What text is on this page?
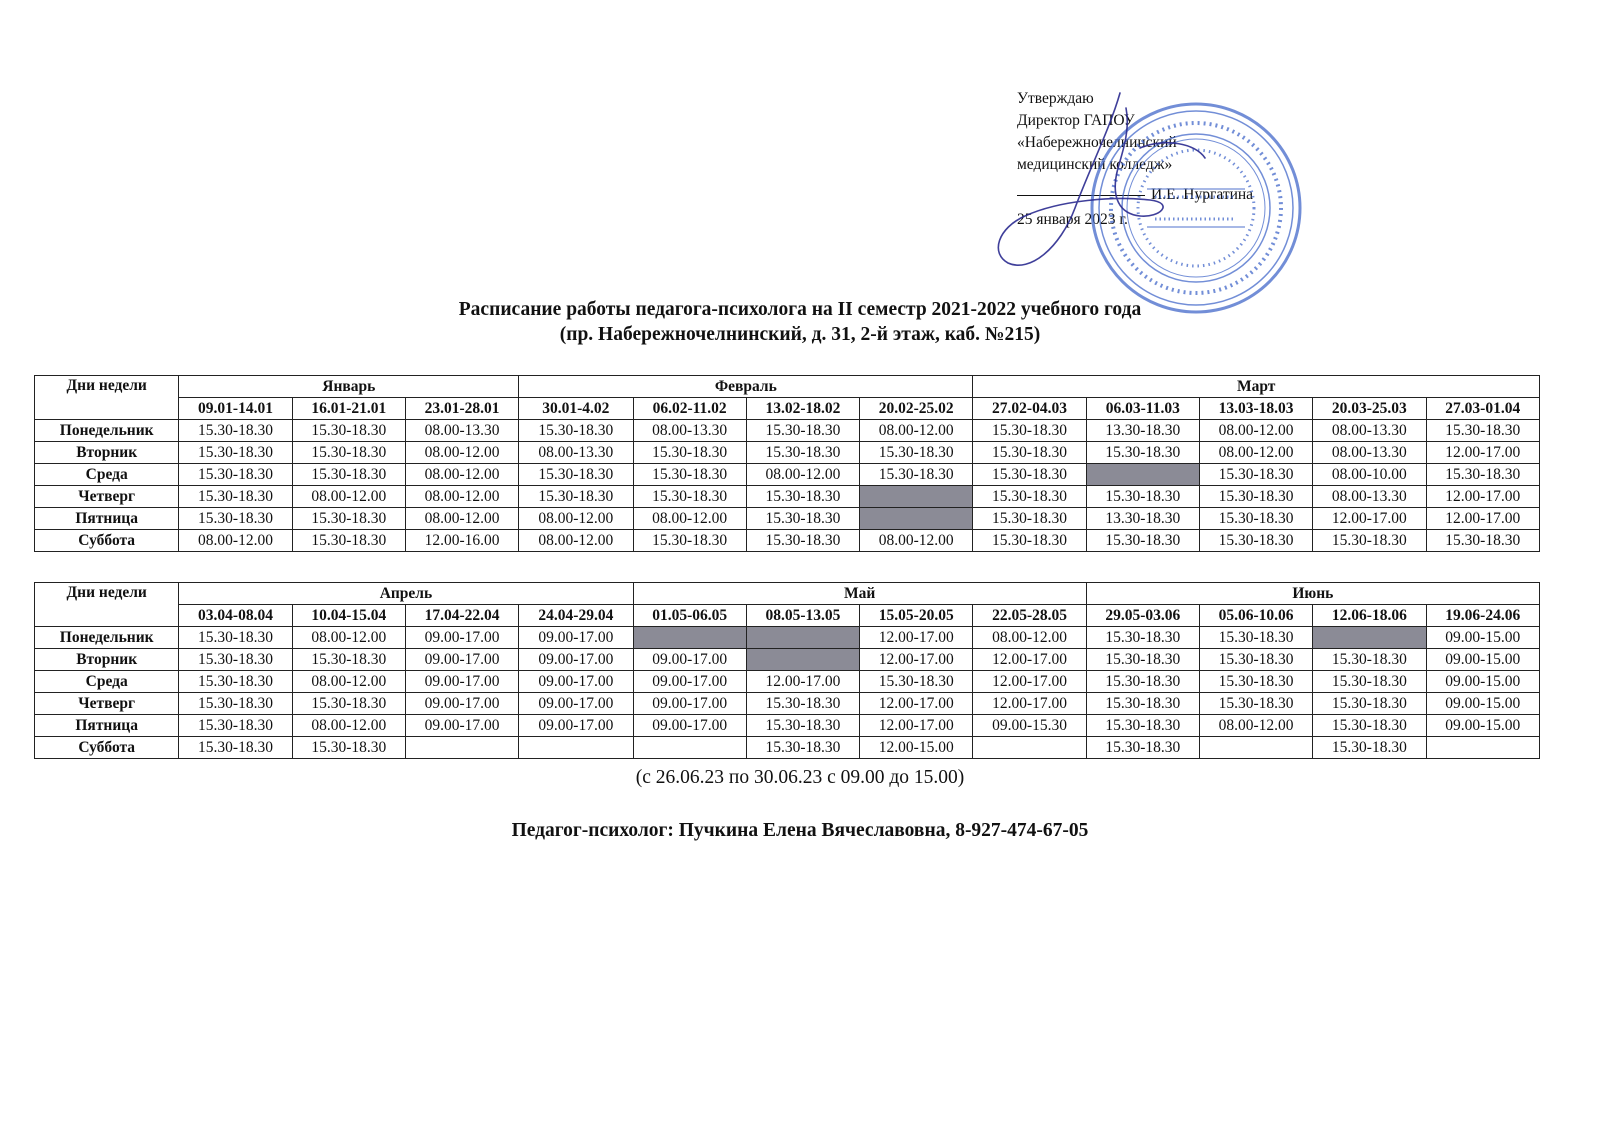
Утверждаю
Директор ГАПОУ
«Набережночелнинский
медицинский колледж»
И.Е. Нургатина
25 января 2023 г.
Расписание работы педагога-психолога на II семестр 2021-2022 учебного года
(пр. Набережночелнинский, д. 31, 2-й этаж, каб. №215)
Дни недели	Январь			Февраль				Март				
	09.01-14.01	16.01-21.01	23.01-28.01	30.01-4.02	06.02-11.02	13.02-18.02	20.02-25.02	27.02-04.03	06.03-11.03	13.03-18.03	20.03-25.03	27.03-01.04
Понедельник	15.30-18.30	15.30-18.30	08.00-13.30	15.30-18.30	08.00-13.30	15.30-18.30	08.00-12.00	15.30-18.30	13.30-18.30	08.00-12.00	08.00-13.30	15.30-18.30
Вторник	15.30-18.30	15.30-18.30	08.00-12.00	08.00-13.30	15.30-18.30	15.30-18.30	15.30-18.30	15.30-18.30	15.30-18.30	08.00-12.00	08.00-13.30	12.00-17.00
Среда	15.30-18.30	15.30-18.30	08.00-12.00	15.30-18.30	15.30-18.30	08.00-12.00	15.30-18.30	15.30-18.30		15.30-18.30	08.00-10.00	15.30-18.30
Четверг	15.30-18.30	08.00-12.00	08.00-12.00	15.30-18.30	15.30-18.30	15.30-18.30		15.30-18.30	15.30-18.30	15.30-18.30	08.00-13.30	12.00-17.00
Пятница	15.30-18.30	15.30-18.30	08.00-12.00	08.00-12.00	08.00-12.00	15.30-18.30		15.30-18.30	13.30-18.30	15.30-18.30	12.00-17.00	12.00-17.00
Суббота	08.00-12.00	15.30-18.30	12.00-16.00	08.00-12.00	15.30-18.30	15.30-18.30	08.00-12.00	15.30-18.30	15.30-18.30	15.30-18.30	15.30-18.30	15.30-18.30
Дни недели	Апрель				Май				Июнь			
	03.04-08.04	10.04-15.04	17.04-22.04	24.04-29.04	01.05-06.05	08.05-13.05	15.05-20.05	22.05-28.05	29.05-03.06	05.06-10.06	12.06-18.06	19.06-24.06
Понедельник	15.30-18.30	08.00-12.00	09.00-17.00	09.00-17.00			12.00-17.00	08.00-12.00	15.30-18.30	15.30-18.30		09.00-15.00
Вторник	15.30-18.30	15.30-18.30	09.00-17.00	09.00-17.00	09.00-17.00		12.00-17.00	12.00-17.00	15.30-18.30	15.30-18.30	15.30-18.30	09.00-15.00
Среда	15.30-18.30	08.00-12.00	09.00-17.00	09.00-17.00	09.00-17.00	12.00-17.00	15.30-18.30	12.00-17.00	15.30-18.30	15.30-18.30	15.30-18.30	09.00-15.00
Четверг	15.30-18.30	15.30-18.30	09.00-17.00	09.00-17.00	09.00-17.00	15.30-18.30	12.00-17.00	12.00-17.00	15.30-18.30	15.30-18.30	15.30-18.30	09.00-15.00
Пятница	15.30-18.30	08.00-12.00	09.00-17.00	09.00-17.00	09.00-17.00	15.30-18.30	12.00-17.00	09.00-15.30	15.30-18.30	08.00-12.00	15.30-18.30	09.00-15.00
Суббота	15.30-18.30	15.30-18.30				15.30-18.30	12.00-15.00		15.30-18.30		15.30-18.30	
(с 26.06.23 по 30.06.23 с 09.00 до 15.00)
Педагог-психолог: Пучкина Елена Вячеславовна, 8-927-474-67-05
